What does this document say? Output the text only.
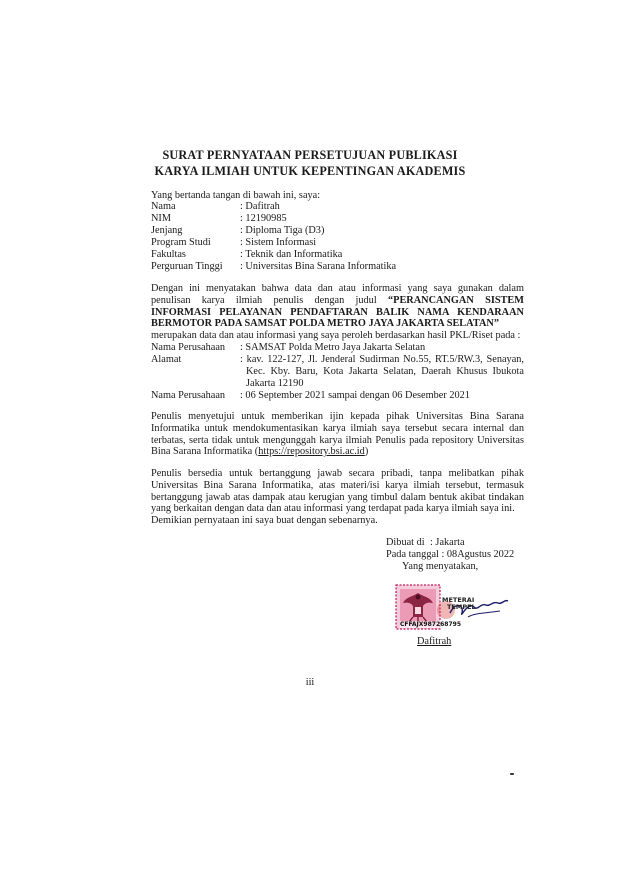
SURAT PERNYATAAN PERSETUJUAN PUBLIKASI
KARYA ILMIAH UNTUK KEPENTINGAN AKADEMIS
Yang bertanda tangan di bawah ini, saya:
Nama	: Dafitrah
NIM	: 12190985
Jenjang	: Diploma Tiga (D3)
Program Studi	: Sistem Informasi
Fakultas	: Teknik dan Informatika
Perguruan Tinggi : Universitas Bina Sarana Informatika
Dengan ini menyatakan bahwa data dan atau informasi yang saya gunakan dalam
penulisan karya ilmiah penulis dengan judul “PERANCANGAN SISTEM
INFORMASI PELAYANAN PENDAFTARAN BALIK NAMA KENDARAAN
BERMOTOR PADA SAMSAT POLDA METRO JAYA JAKARTA SELATAN”
merupakan data dan atau informasi yang saya peroleh berdasarkan hasil PKL/Riset pada :
Nama Perusahaan : SAMSAT Polda Metro Jaya Jakarta Selatan
Alamat	: kav. 122-127, Jl. Jenderal Sudirman No.55, RT.5/RW.3, Senayan,
Kec. Kby. Baru, Kota Jakarta Selatan, Daerah Khusus Ibukota
Jakarta 12190
Nama Perusahaan : 06 September 2021 sampai dengan 06 Desember 2021
Penulis menyetujui untuk memberikan ijin kepada pihak Universitas Bina Sarana
Informatika untuk mendokumentasikan karya ilmiah saya tersebut secara internal dan
terbatas, serta tidak untuk mengunggah karya ilmiah Penulis pada repository Universitas
Bina Sarana Informatika (https://repository.bsi.ac.id)
Penulis bersedia untuk bertanggung jawab secara pribadi, tanpa melibatkan pihak
Universitas Bina Sarana Informatika, atas materi/isi karya ilmiah tersebut, termasuk
bertanggung jawab atas dampak atau kerugian yang timbul dalam bentuk akibat tindakan
yang berkaitan dengan data dan atau informasi yang terdapat pada karya ilmiah saya ini.
Demikian pernyataan ini saya buat dengan sebenarnya.
Dibuat di : Jakarta
Pada tanggal : 08Agustus 2022
Yang menyatakan,
METERAI
TEMPEL
CFFAJX987268795
Dafitrah
iii
